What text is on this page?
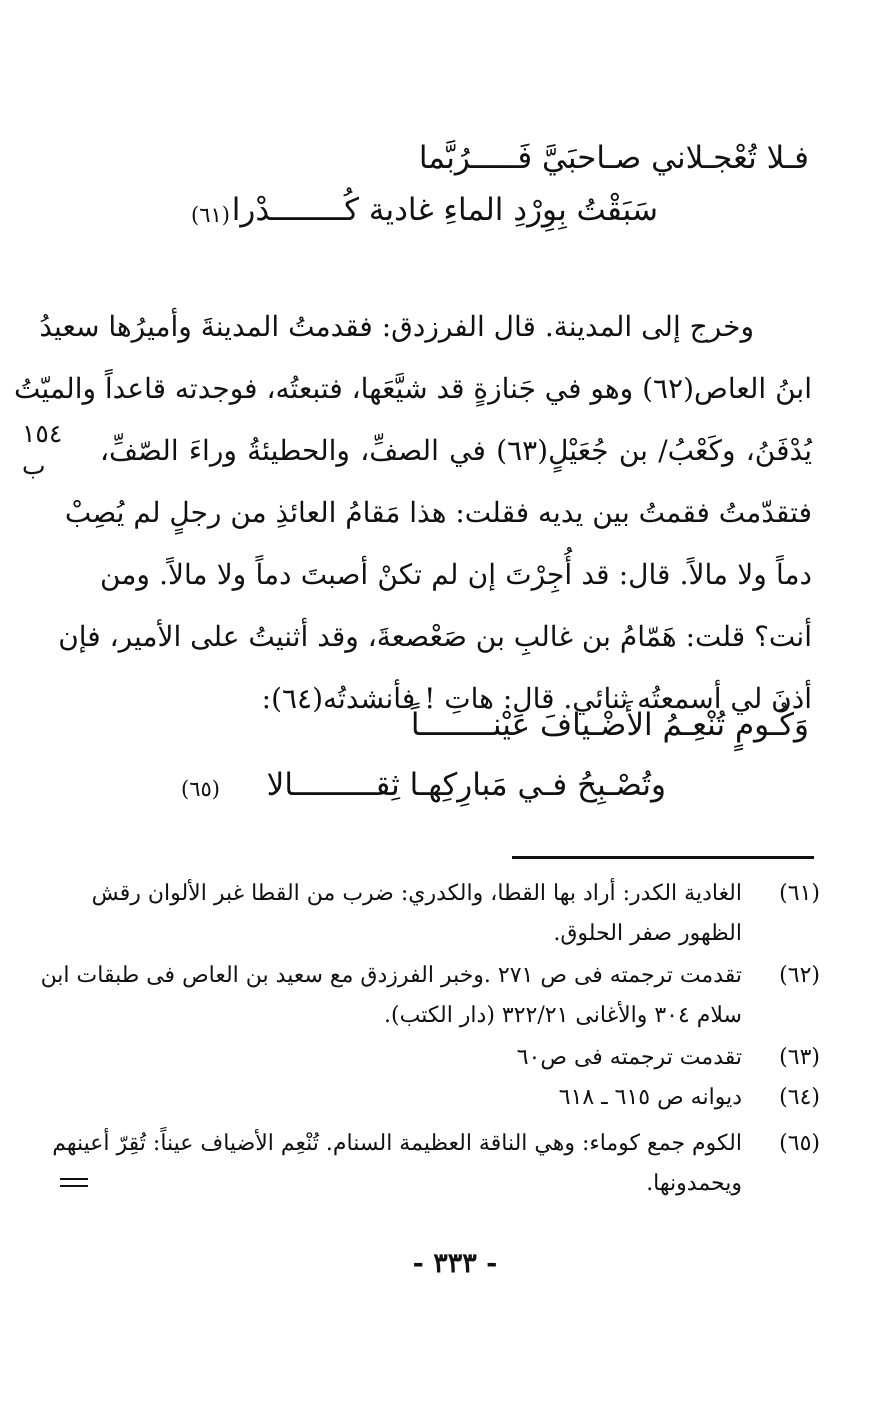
فـلا تُعْجـلاني صـاحبَيَّ فَـــــرُبَّما
سَبَقْتُ بِوِرْدِ الماءِ غادية كُــــــــدْرا
(٦١)
وخرج إلى المدينة. قال الفرزدق: فقدمتُ المدينةَ وأميرُها سعيدُ
ابنُ العاص(٦٢) وهو في جَنازةٍ قد شيَّعَها، فتبعتُه، فوجدته قاعداً والميّتُ
يُدْفَنُ، وكَعْبُ/ بن جُعَيْلٍ(٦٣) في الصفِّ، والحطيئةُ وراءَ الصّفِّ،
فتقدّمتُ فقمتُ بين يديه فقلت: هذا مَقامُ العائذِ من رجلٍ لم يُصِبْ
دماً ولا مالاً. قال: قد أُجِرْتَ إن لم تكنْ أصبتَ دماً ولا مالاً. ومن
أنت؟ قلت: هَمّامُ بن غالبِ بن صَعْصعةَ، وقد أثنيتُ على الأمير، فإن
أذنَ لي أسمعتُه ثنائي. قال: هاتِ ! فأنشدتُه(٦٤):
١٥٤ ب
وَكُـومٍ تُنْعِـمُ الأَضْـيافَ عَيْنــــــــاً
وتُصْـبِحُ فـي مَبارِكِهـا ثِقـــــــــالا
(٦٥)
(٦١)
الغادية الكدر: أراد بها القطا، والكدري: ضرب من القطا غبر الألوان رقش
الظهور صفر الحلوق.
(٦٢)
تقدمت ترجمته فى ص ٢٧١ .وخبر الفرزدق مع سعيد بن العاص فى طبقات ابن
سلام ٣٠٤ والأغانى ٣٢٢/٢١ (دار الكتب).
(٦٣)
تقدمت ترجمته فى ص٦٠
(٦٤)
ديوانه ص ٦١٥ ـ ٦١٨
(٦٥)
الكوم جمع كوماء: وهي الناقة العظيمة السنام. تُنْعِم الأضياف عيناً: تُقِرّ أعينهم
ويحمدونها.
- ٣٣٣ -
